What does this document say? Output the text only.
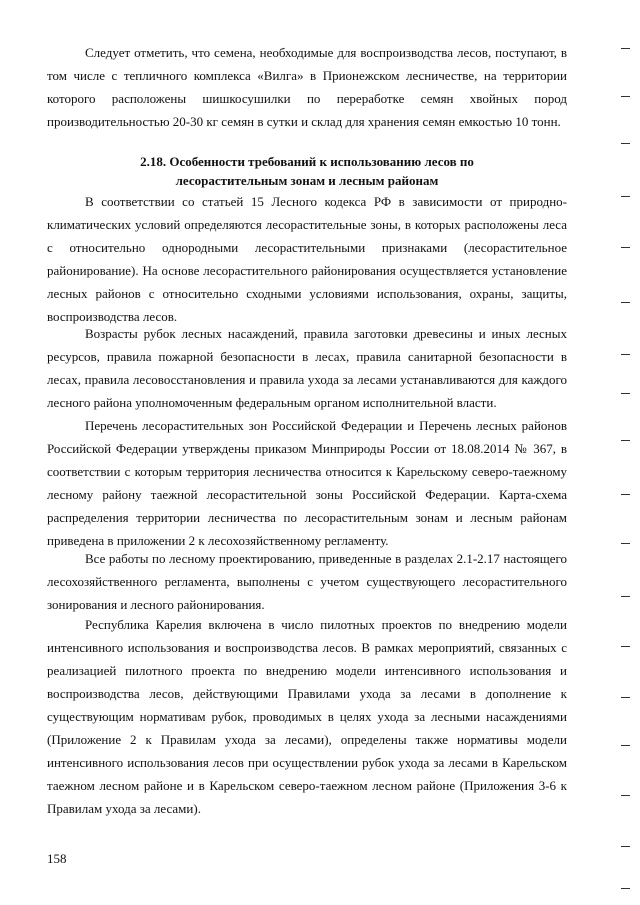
Следует отметить, что семена, необходимые для воспроизводства лесов, поступают, в том числе с тепличного комплекса «Вилга» в Прионежском лесничестве, на территории которого расположены шишкосушилки по переработке семян хвойных пород производительностью 20-30 кг семян в сутки и склад для хранения семян емкостью 10 тонн.
2.18. Особенности требований к использованию лесов по
лесорастительным зонам и лесным районам
В соответствии со статьей 15 Лесного кодекса РФ в зависимости от природно-климатических условий определяются лесорастительные зоны, в которых расположены леса с относительно однородными лесорастительными признаками (лесорастительное районирование). На основе лесорастительного районирования осуществляется установление лесных районов с относительно сходными условиями использования, охраны, защиты, воспроизводства лесов.
Возрасты рубок лесных насаждений, правила заготовки древесины и иных лесных ресурсов, правила пожарной безопасности в лесах, правила санитарной безопасности в лесах, правила лесовосстановления и правила ухода за лесами устанавливаются для каждого лесного района уполномоченным федеральным органом исполнительной власти.
Перечень лесорастительных зон Российской Федерации и Перечень лесных районов Российской Федерации утверждены приказом Минприроды России от 18.08.2014 № 367, в соответствии с которым территория лесничества относится к Карельскому северо-таежному лесному району таежной лесорастительной зоны Российской Федерации. Карта-схема распределения территории лесничества по лесорастительным зонам и лесным районам приведена в приложении 2 к лесохозяйственному регламенту.
Все работы по лесному проектированию, приведенные в разделах 2.1-2.17 настоящего лесохозяйственного регламента, выполнены с учетом существующего лесорастительного зонирования и лесного районирования.
Республика Карелия включена в число пилотных проектов по внедрению модели интенсивного использования и воспроизводства лесов. В рамках мероприятий, связанных с реализацией пилотного проекта по внедрению модели интенсивного использования и воспроизводства лесов, действующими Правилами ухода за лесами в дополнение к существующим нормативам рубок, проводимых в целях ухода за лесными насаждениями (Приложение 2 к Правилам ухода за лесами), определены также нормативы модели интенсивного использования лесов при осуществлении рубок ухода за лесами в Карельском таежном лесном районе и в Карельском северо-таежном лесном районе (Приложения 3-6 к Правилам ухода за лесами).
158
